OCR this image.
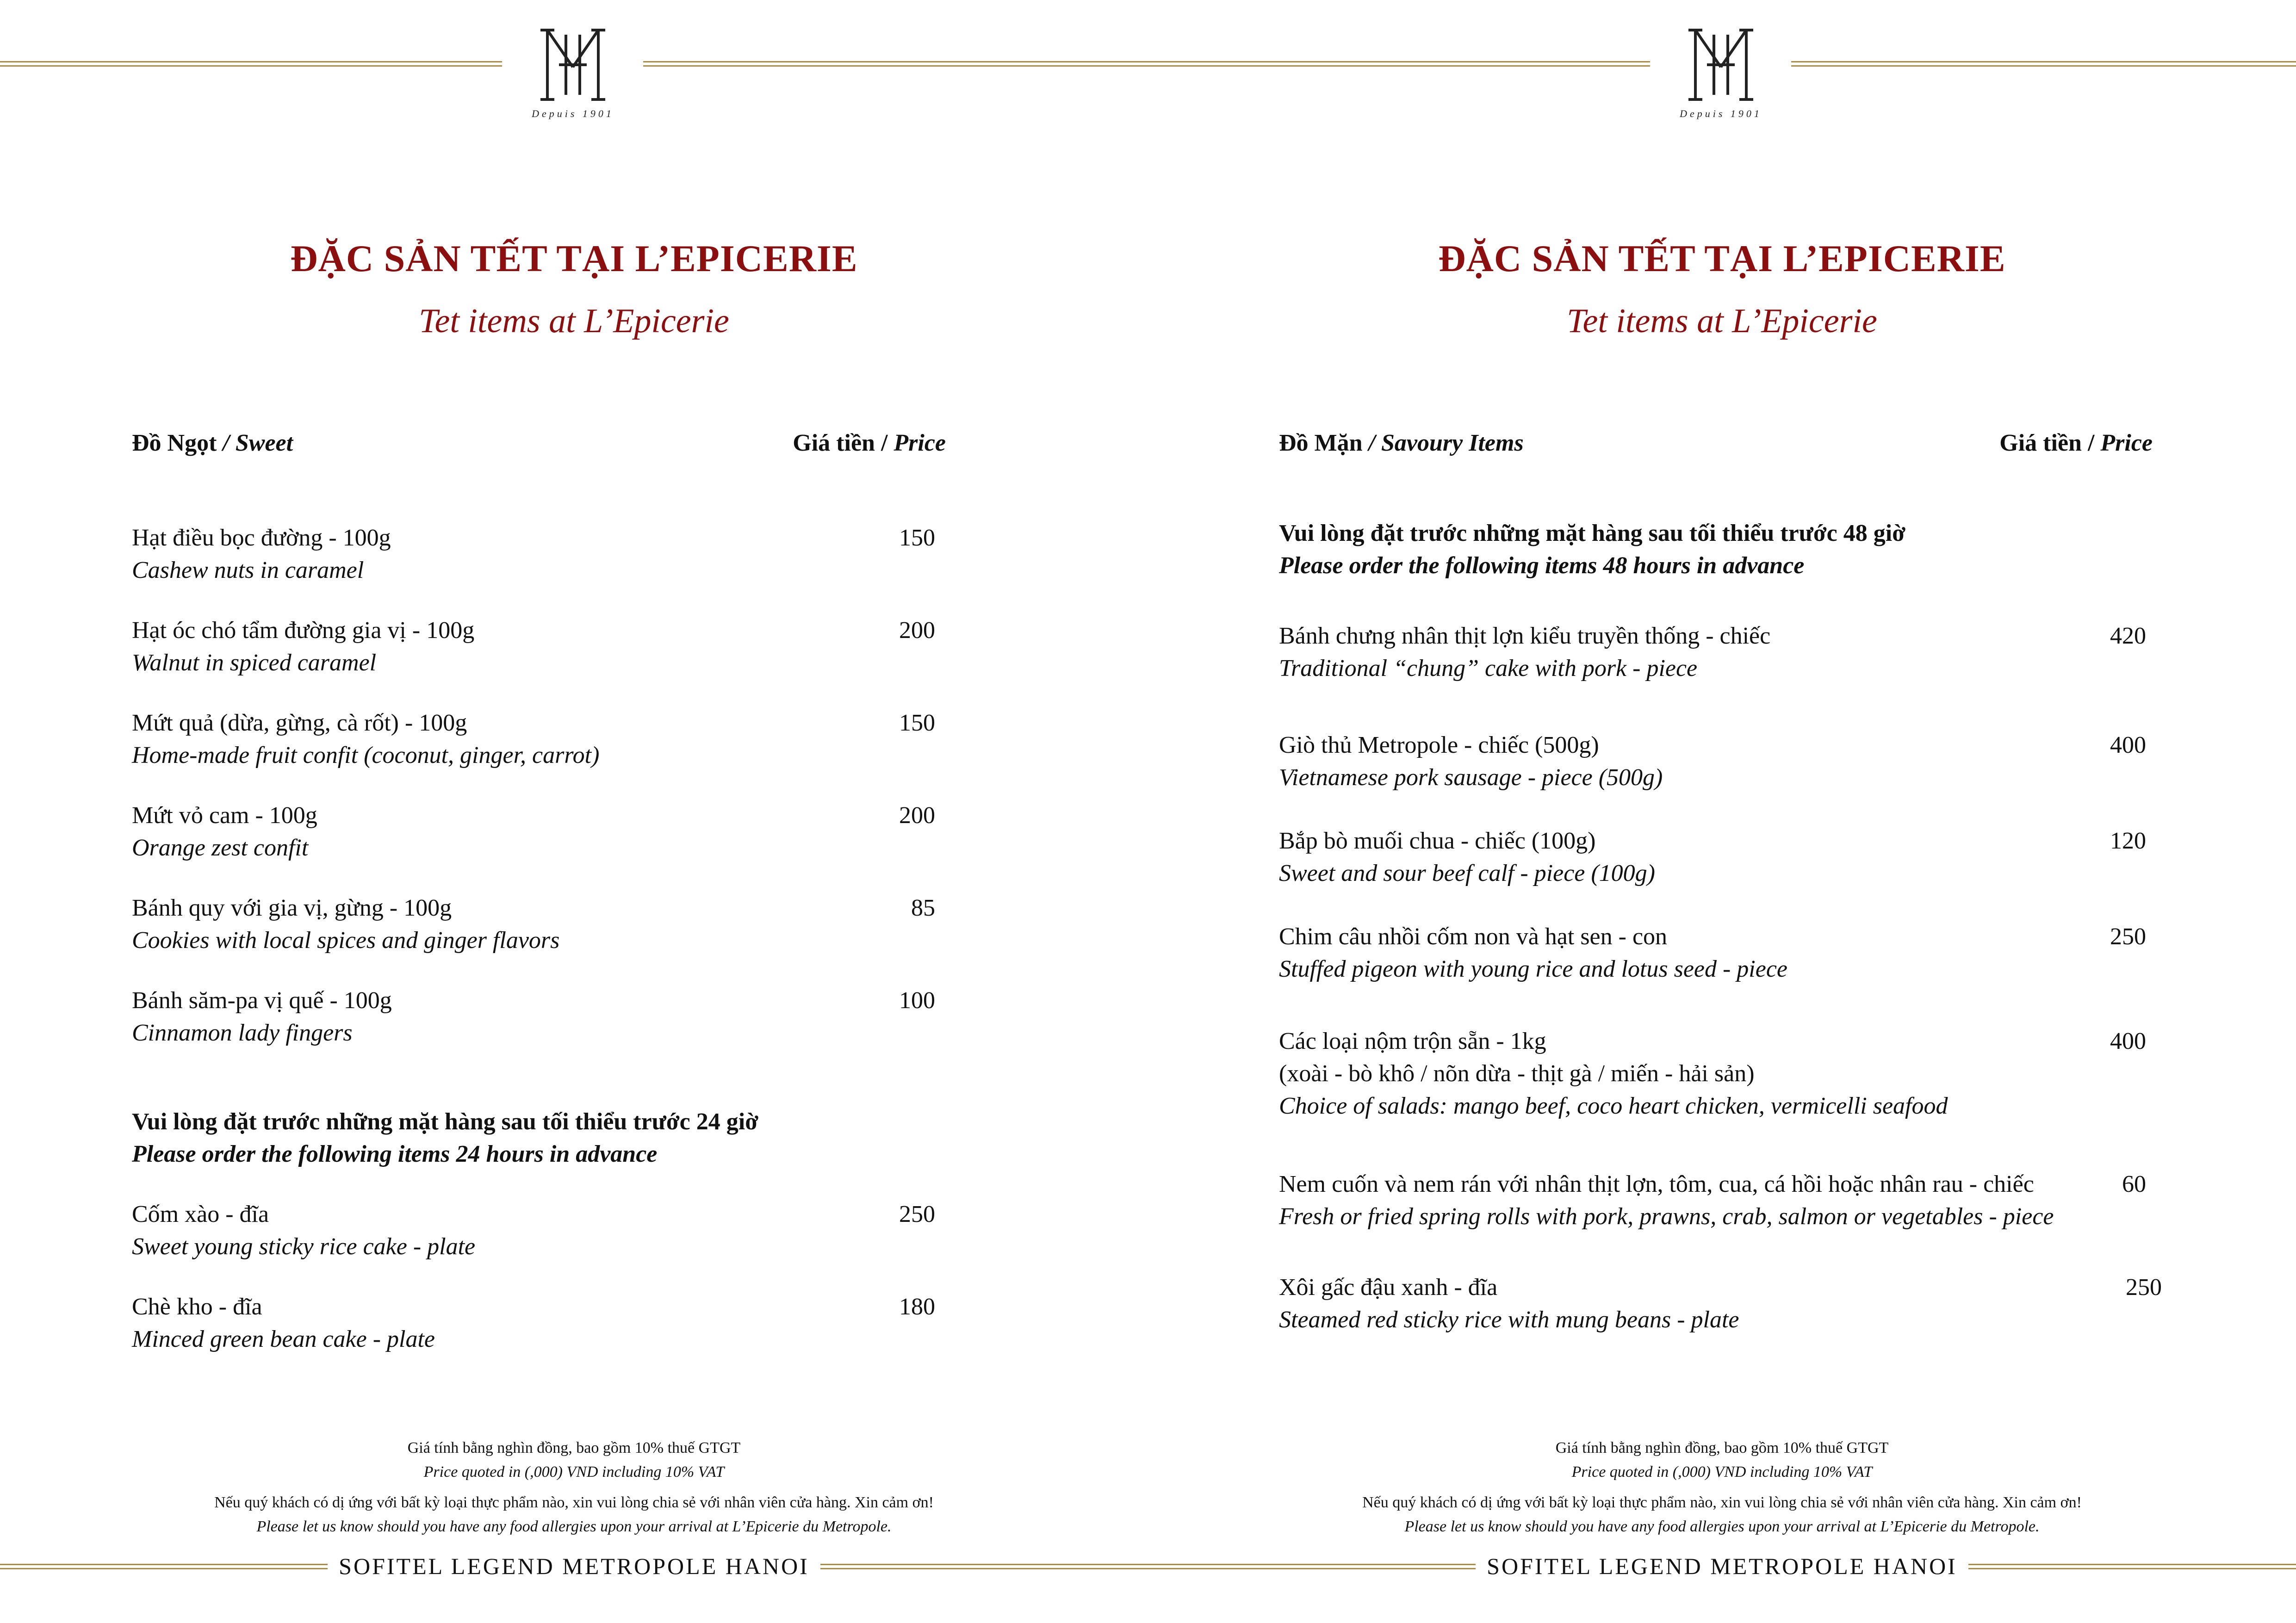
Depuis 1901
ĐẶC SẢN TẾT TẠI L’EPICERIE
Tet items at L’Epicerie
Đồ Ngọt / Sweet	Giá tiền / Price
Hạt điều bọc đường - 100g
Cashew nuts in caramel
150
Hạt óc chó tẩm đường gia vị - 100g
Walnut in spiced caramel
200
Mứt quả (dừa, gừng, cà rốt) - 100g
Home-made fruit confit (coconut, ginger, carrot)
150
Mứt vỏ cam - 100g
Orange zest confit
200
Bánh quy với gia vị, gừng - 100g
Cookies with local spices and ginger flavors
85
Bánh săm-pa vị quế - 100g
Cinnamon lady fingers
100
Vui lòng đặt trước những mặt hàng sau tối thiểu trước 24 giờ
Please order the following items 24 hours in advance
Cốm xào - đĩa
Sweet young sticky rice cake - plate
250
Chè kho - đĩa
Minced green bean cake - plate
180
Giá tính bằng nghìn đồng, bao gồm 10% thuế GTGT
Price quoted in (,000) VND including 10% VAT
Nếu quý khách có dị ứng với bất kỳ loại thực phẩm nào, xin vui lòng chia sẻ với nhân viên cửa hàng. Xin cảm ơn!
Please let us know should you have any food allergies upon your arrival at L’Epicerie du Metropole.
SOFITEL LEGEND METROPOLE HANOI
Depuis 1901
ĐẶC SẢN TẾT TẠI L’EPICERIE
Tet items at L’Epicerie
Đồ Mặn / Savoury Items	Giá tiền / Price
Vui lòng đặt trước những mặt hàng sau tối thiểu trước 48 giờ
Please order the following items 48 hours in advance
Bánh chưng nhân thịt lợn kiểu truyền thống - chiếc
Traditional “chung” cake with pork - piece
420
Giò thủ Metropole - chiếc (500g)
Vietnamese pork sausage - piece (500g)
400
Bắp bò muối chua - chiếc (100g)
Sweet and sour beef calf - piece (100g)
120
Chim câu nhồi cốm non và hạt sen - con
Stuffed pigeon with young rice and lotus seed - piece
250
Các loại nộm trộn sẵn - 1kg
(xoài - bò khô / nõn dừa - thịt gà / miến - hải sản)
Choice of salads: mango beef, coco heart chicken, vermicelli seafood
400
Nem cuốn và nem rán với nhân thịt lợn, tôm, cua, cá hồi hoặc nhân rau - chiếc
Fresh or fried spring rolls with pork, prawns, crab, salmon or vegetables - piece
60
Xôi gấc đậu xanh - đĩa
Steamed red sticky rice with mung beans - plate
250
Giá tính bằng nghìn đồng, bao gồm 10% thuế GTGT
Price quoted in (,000) VND including 10% VAT
Nếu quý khách có dị ứng với bất kỳ loại thực phẩm nào, xin vui lòng chia sẻ với nhân viên cửa hàng. Xin cảm ơn!
Please let us know should you have any food allergies upon your arrival at L’Epicerie du Metropole.
SOFITEL LEGEND METROPOLE HANOI
